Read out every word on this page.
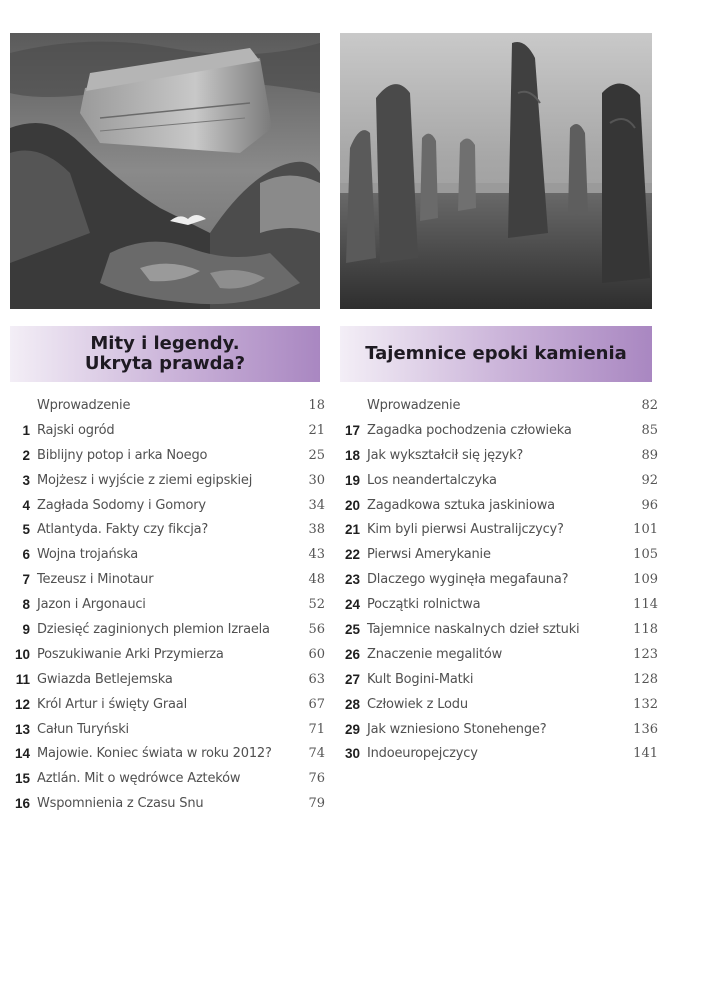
Mity i legendy.
Ukryta prawda?	Tajemnice epoki kamienia
Wprowadzenie	18
1 Rajski ogród	21
2 Biblijny potop i arka Noego	25
3 Mojżesz i wyjście z ziemi egipskiej	30
4 Zagłada Sodomy i Gomory	34
5 Atlantyda. Fakty czy fikcja?	38
6 Wojna trojańska	43
7 Tezeusz i Minotaur	48
8 Jazon i Argonauci	52
9 Dziesięć zaginionych plemion Izraela	56
10 Poszukiwanie Arki Przymierza	60
11 Gwiazda Betlejemska	63
12 Król Artur i święty Graal	67
13 Całun Turyński	71
14 Majowie. Koniec świata w roku 2012?	74
15 Aztlán. Mit o wędrówce Azteków	76
16 Wspomnienia z Czasu Snu	79
Wprowadzenie	82
17 Zagadka pochodzenia człowieka	85
18 Jak wykształcił się język?	89
19 Los neandertalczyka	92
20 Zagadkowa sztuka jaskiniowa	96
21 Kim byli pierwsi Australijczycy?	101
22 Pierwsi Amerykanie	105
23 Dlaczego wyginęła megafauna?	109
24 Początki rolnictwa	114
25 Tajemnice naskalnych dzieł sztuki	118
26 Znaczenie megalitów	123
27 Kult Bogini-Matki	128
28 Człowiek z Lodu	132
29 Jak wzniesiono Stonehenge?	136
30 Indoeuropejczycy	141
